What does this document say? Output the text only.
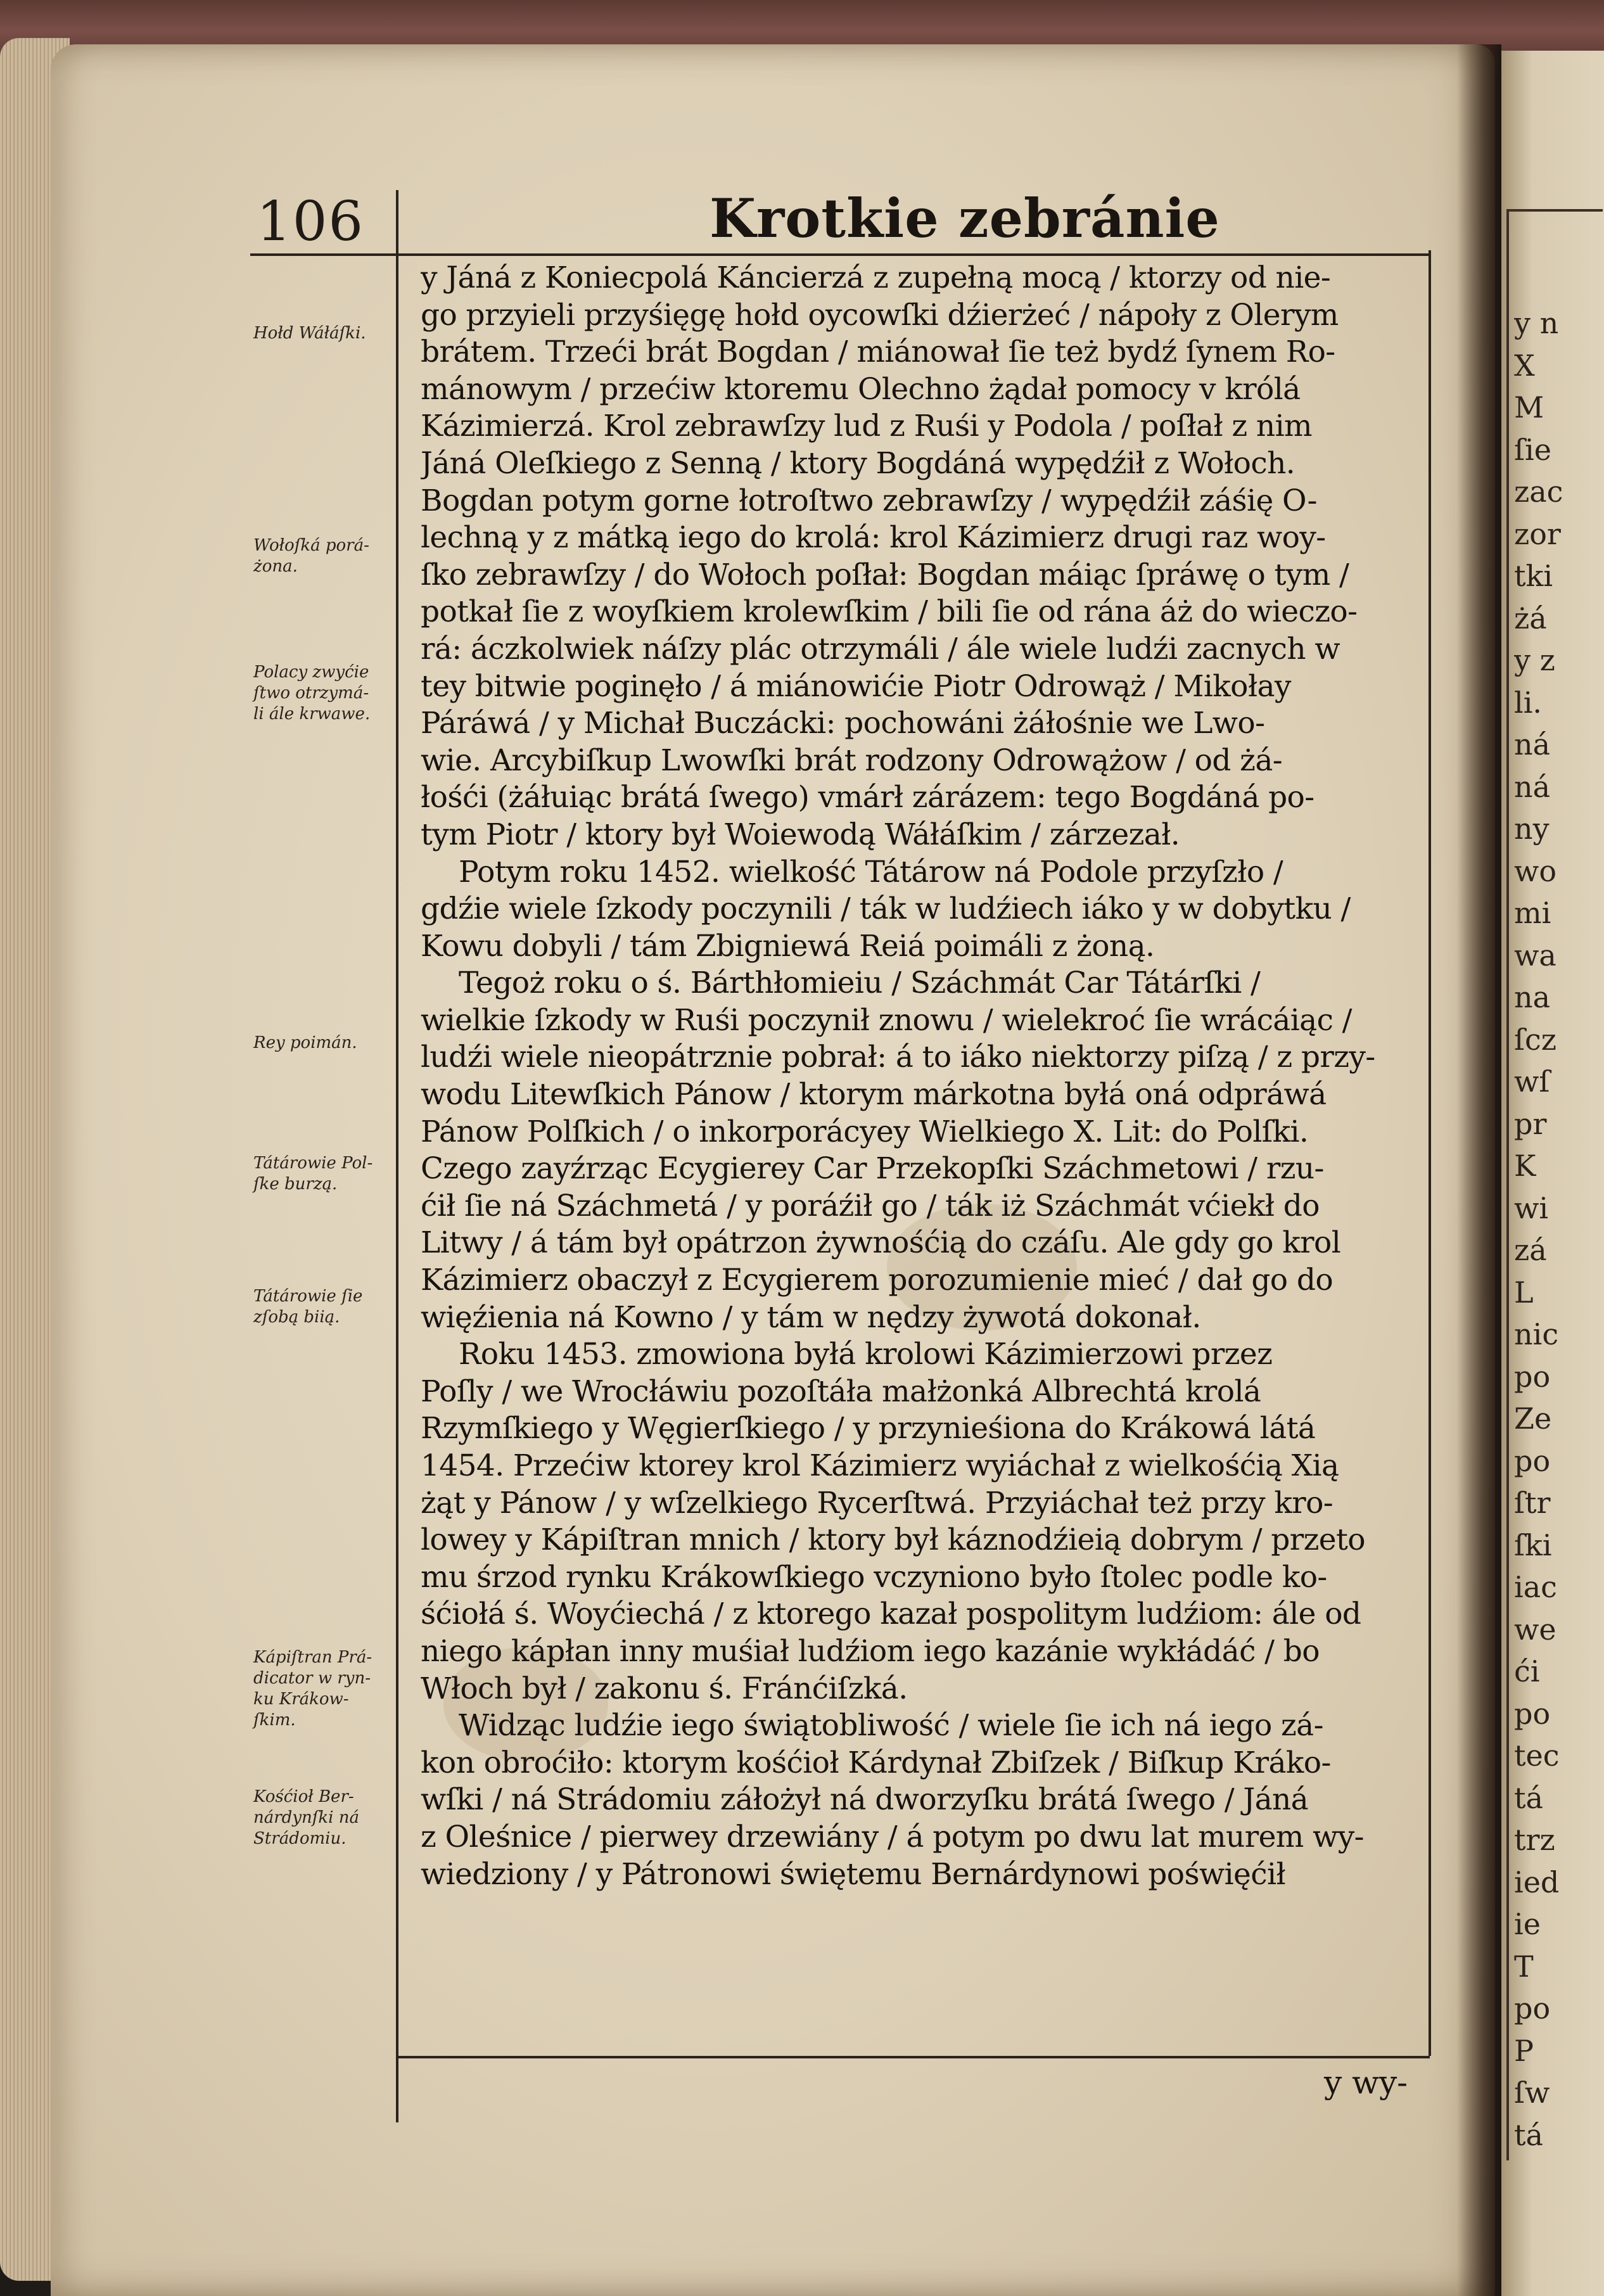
y n
X
M
ſie
zac
zor
tki
żá
y z
li.
ná
ná
ny
wo
mi
wa
na
ſcz
wſ
pr
K
wi
zá
L
nic
po
Ze
po
ſtr
ſki
iac
we
ći
po
tec
tá
trz
ied
ie
T
po
P
ſw
tá
106	Krotkie zebránie
Hołd Wáłáſki.
Wołoſká porá-
żona.
Polacy zwyćie
ſtwo otrzymá-
li ále krwawe.
Rey poimán.
Tátárowie Pol-
ſke burzą.
Tátárowie ſie
zſobą biią.
Kápiſtran Prá-
dicator w ryn-
ku Krákow-
ſkim.
Kośćioł Ber-
nárdynſki ná
Strádomiu.
y Jáná z Koniecpolá Káncierzá z zupełną mocą / ktorzy od nie-
go przyieli przyśięgę hołd oycowſki dźierżeć / nápoły z Olerym
brátem. Trzeći brát Bogdan / miánował ſie też bydź ſynem Ro-
mánowym / przećiw ktoremu Olechno żądał pomocy v królá
Kázimierzá. Krol zebrawſzy lud z Ruśi y Podola / poſłał z nim
Jáná Oleſkiego z Senną / ktory Bogdáná wypędźił z Wołoch.
Bogdan potym gorne łotroſtwo zebrawſzy / wypędźił záśię O-
lechną y z mátką iego do krolá: krol Kázimierz drugi raz woy-
ſko zebrawſzy / do Wołoch poſłał: Bogdan máiąc ſpráwę o tym /
potkał ſie z woyſkiem krolewſkim / bili ſie od rána áż do wieczo-
rá: áczkolwiek náſzy plác otrzymáli / ále wiele ludźi zacnych w
tey bitwie poginęło / á miánowićie Piotr Odrowąż / Mikołay
Páráwá / y Michał Buczácki: pochowáni żáłośnie we Lwo-
wie. Arcybiſkup Lwowſki brát rodzony Odrowążow / od żá-
łośći (żáłuiąc brátá ſwego) vmárł zárázem: tego Bogdáná po-
tym Piotr / ktory był Woiewodą Wáłáſkim / zárzezał.
Potym roku 1452. wielkość Tátárow ná Podole przyſzło /
gdźie wiele ſzkody poczynili / ták w ludźiech iáko y w dobytku /
Kowu dobyli / tám Zbigniewá Reiá poimáli z żoną.
Tegoż roku o ś. Bárthłomieiu / Száchmát Car Tátárſki /
wielkie ſzkody w Ruśi poczynił znowu / wielekroć ſie wrácáiąc /
ludźi wiele nieopátrznie pobrał: á to iáko niektorzy piſzą / z przy-
wodu Litewſkich Pánow / ktorym márkotna byłá oná odpráwá
Pánow Polſkich / o inkorporácyey Wielkiego X. Lit: do Polſki.
Czego zayźrząc Ecygierey Car Przekopſki Száchmetowi / rzu-
ćił ſie ná Száchmetá / y poráźił go / ták iż Száchmát vćiekł do
Litwy / á tám był opátrzon żywnośćią do czáſu. Ale gdy go krol
Kázimierz obaczył z Ecygierem porozumienie mieć / dał go do
więźienia ná Kowno / y tám w nędzy żywotá dokonał.
Roku 1453. zmowiona byłá krolowi Kázimierzowi przez
Poſly / we Wrocłáwiu pozoſtáła małżonká Albrechtá krolá
Rzymſkiego y Węgierſkiego / y przynieśiona do Krákowá látá
1454. Przećiw ktorey krol Kázimierz wyiáchał z wielkośćią Xią
żąt y Pánow / y wſzelkiego Rycerſtwá. Przyiáchał też przy kro-
lowey y Kápiſtran mnich / ktory był káznodźieią dobrym / przeto
mu śrzod rynku Krákowſkiego vczyniono było ſtolec podle ko-
śćiołá ś. Woyćiechá / z ktorego kazał pospolitym ludźiom: ále od
niego kápłan inny muśiał ludźiom iego kazánie wykłádáć / bo
Włoch był / zakonu ś. Fránćiſzká.
Widząc ludźie iego świątobliwość / wiele ſie ich ná iego zá-
kon obroćiło: ktorym kośćioł Kárdynał Zbiſzek / Biſkup Kráko-
wſki / ná Strádomiu záłożył ná dworzyſku brátá ſwego / Jáná
z Oleśnice / pierwey drzewiány / á potym po dwu lat murem wy-
wiedziony / y Pátronowi świętemu Bernárdynowi poświęćił
y wy-
